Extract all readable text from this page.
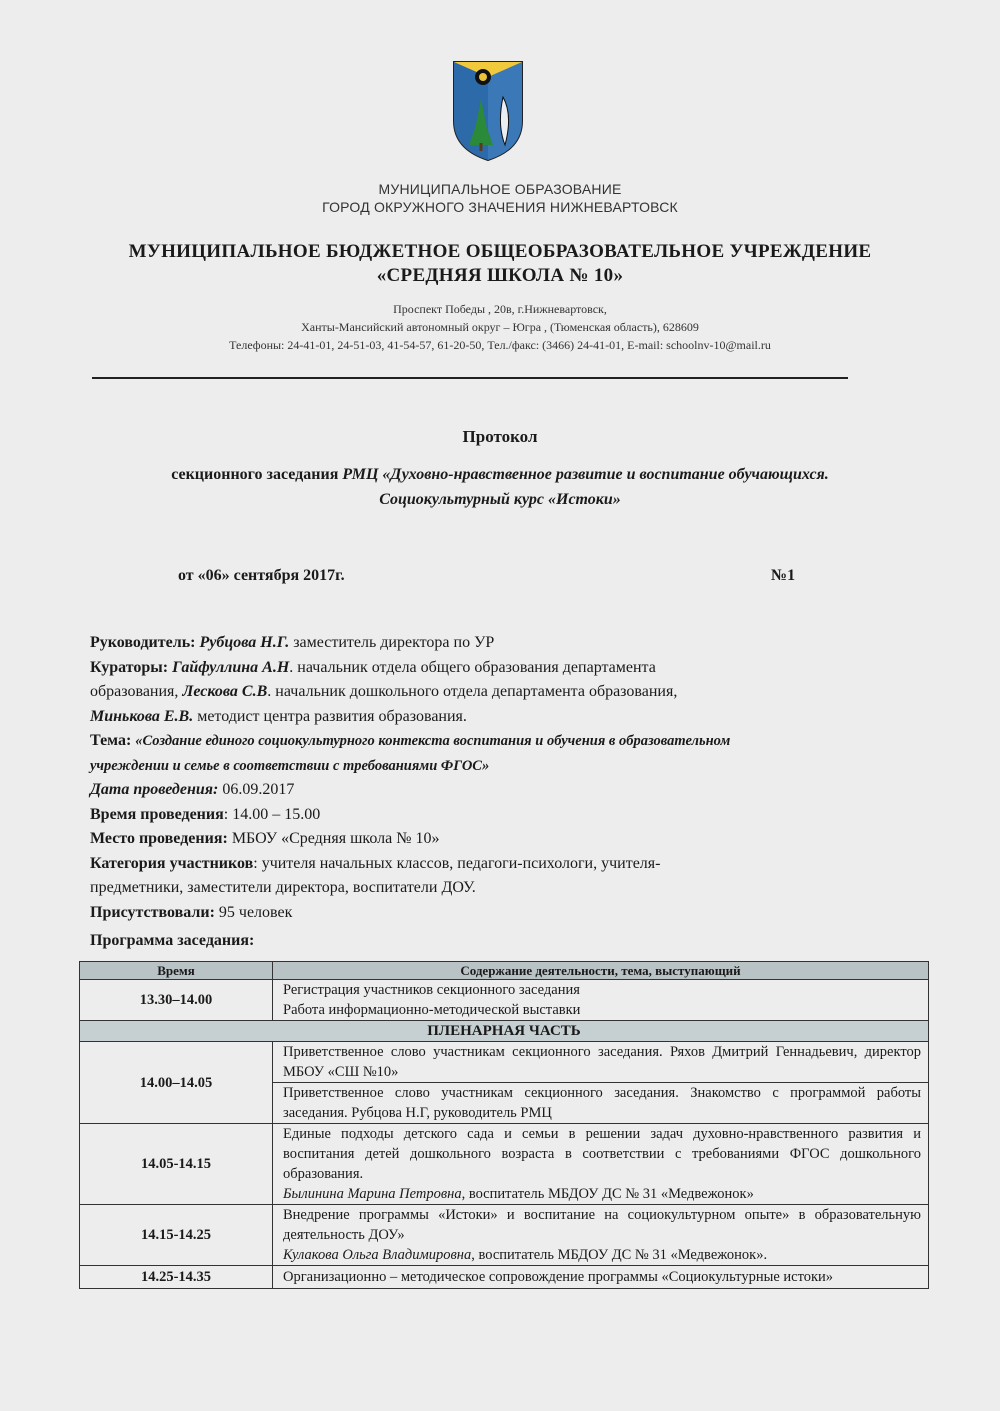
МУНИЦИПАЛЬНОЕ ОБРАЗОВАНИЕ
ГОРОД ОКРУЖНОГО ЗНАЧЕНИЯ НИЖНЕВАРТОВСК
МУНИЦИПАЛЬНОЕ БЮДЖЕТНОЕ ОБЩЕОБРАЗОВАТЕЛЬНОЕ УЧРЕЖДЕНИЕ
«СРЕДНЯЯ ШКОЛА № 10»
Проспект Победы , 20в, г.Нижневартовск,
Ханты-Мансийский автономный округ – Югра , (Тюменская область), 628609
Телефоны: 24-41-01, 24-51-03, 41-54-57, 61-20-50, Тел./факс: (3466) 24-41-01, E-mail: schoolnv-10@mail.ru
Протокол
секционного заседания РМЦ «Духовно-нравственное развитие и воспитание обучающихся.
Социокультурный курс «Истоки»
от «06» сентября 2017г.	№1

Руководитель: Рубцова Н.Г. заместитель директора по УР

Кураторы: Гайфуллина А.Н. начальник отдела общего образования департамента

образования, Лескова С.В. начальник дошкольного отдела департамента образования,

Минькова Е.В. методист центра развития образования.

Тема: «Создание единого социокультурного контекста воспитания и обучения в образовательном

учреждении и семье в соответствии с требованиями ФГОС»

Дата проведения: 06.09.2017

Время проведения: 14.00 – 15.00

Место проведения: МБОУ «Средняя школа № 10»

Категория участников: учителя начальных классов, педагоги-психологи, учителя-

предметники, заместители директора, воспитатели ДОУ.

Присутствовали: 95 человек

Программа заседания:
Время	Содержание деятельности, тема, выступающий
13.30–14.00	Регистрация участников секционного заседания
Работа информационно-методической выставки

ПЛЕНАРНАЯ ЧАСТЬ	
14.00–14.05	Приветственное слово участникам секционного заседания. Ряхов Дмитрий Геннадьевич, директор МБОУ «СШ №10»
	Приветственное слово участникам секционного заседания. Знакомство с программой работы заседания. Рубцова Н.Г, руководитель РМЦ
14.05-14.15	Единые подходы детского сада и семьи в решении задач духовно-нравственного развития и воспитания детей дошкольного возраста в соответствии с требованиями ФГОС дошкольного образования.
Былинина Марина Петровна, воспитатель МБДОУ ДС № 31 «Медвежонок»
14.15-14.25	Внедрение программы «Истоки» и воспитание на социокультурном опыте» в образовательную деятельность ДОУ»
Кулакова Ольга Владимировна, воспитатель МБДОУ ДС № 31 «Медвежонок».
14.25-14.35	Организационно – методическое сопровождение программы «Социокультурные истоки»
